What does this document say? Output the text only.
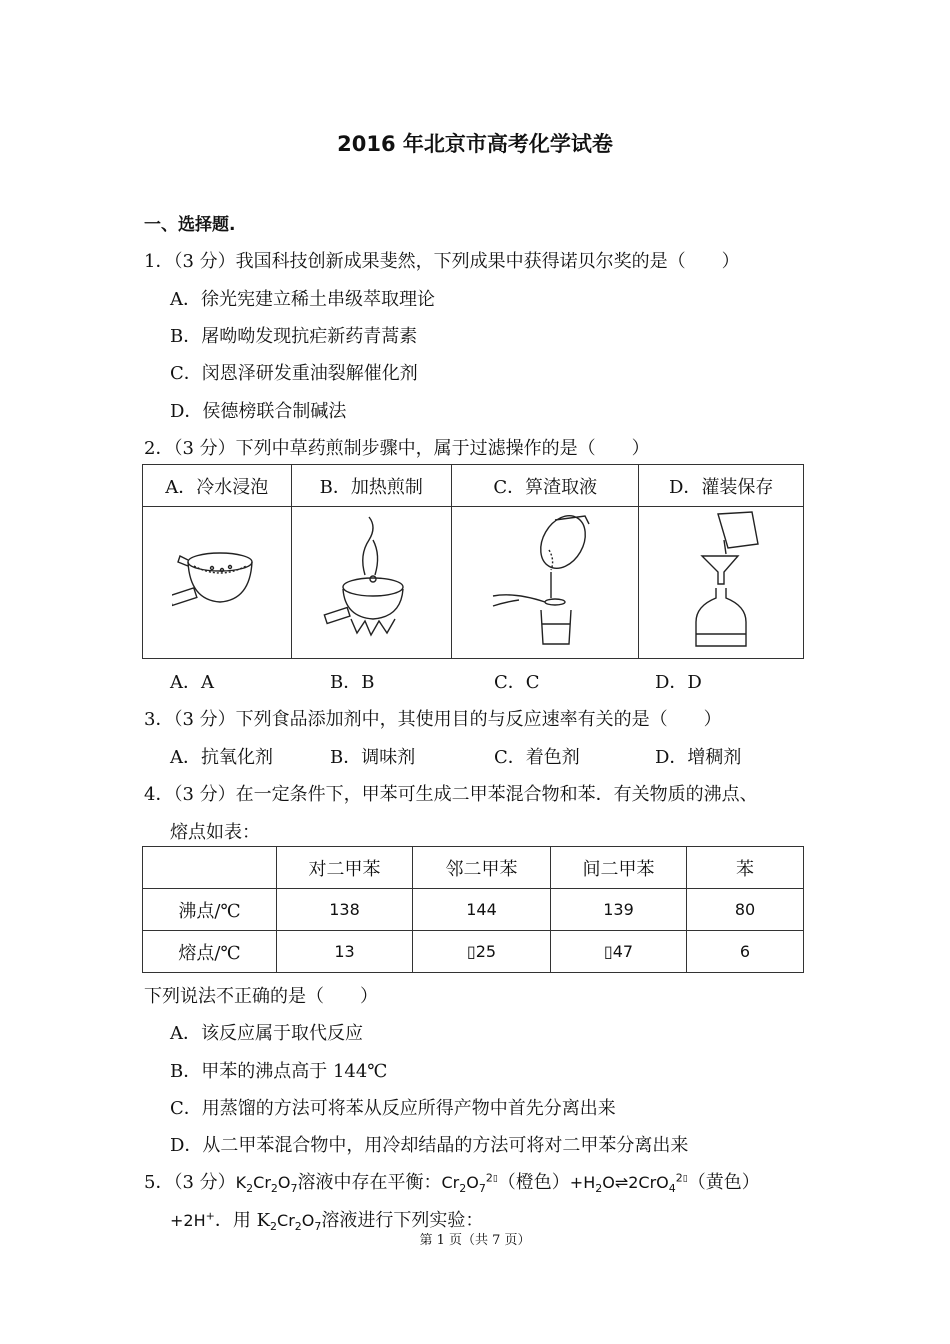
2016 年北京市高考化学试卷
一、选择题.
1．（3 分）我国科技创新成果斐然，下列成果中获得诺贝尔奖的是（　　）
A．徐光宪建立稀土串级萃取理论
B．屠呦呦发现抗疟新药青蒿素
C．闵恩泽研发重油裂解催化剂
D．侯德榜联合制碱法
2．（3 分）下列中草药煎制步骤中，属于过滤操作的是（　　）
A．冷水浸泡	B．加热煎制	C．箅渣取液	D．灌装保存

A．A	B．B	C．C	D．D
3．（3 分）下列食品添加剂中，其使用目的与反应速率有关的是（　　）
A．抗氧化剂	B．调味剂	C．着色剂	D．增稠剂
4．（3 分）在一定条件下，甲苯可生成二甲苯混合物和苯．有关物质的沸点、
熔点如表：
	对二甲苯	邻二甲苯	间二甲苯	苯
沸点/℃	138	144	139	80
熔点/℃	13	▯25	▯47	6
下列说法不正确的是（　　）
A．该反应属于取代反应
B．甲苯的沸点高于 144℃
C．用蒸馏的方法可将苯从反应所得产物中首先分离出来
D．从二甲苯混合物中，用冷却结晶的方法可将对二甲苯分离出来
5．（3 分）$K_2Cr_2O_7$溶液中存在平衡：$Cr_2O_7^{2▯}$（橙色）$+H_2O\rightleftharpoons 2CrO_4^{2▯}$（黄色）
+2H+．用 $K_2Cr_2O_7$溶液进行下列实验：
第 1 页（共 7 页）
